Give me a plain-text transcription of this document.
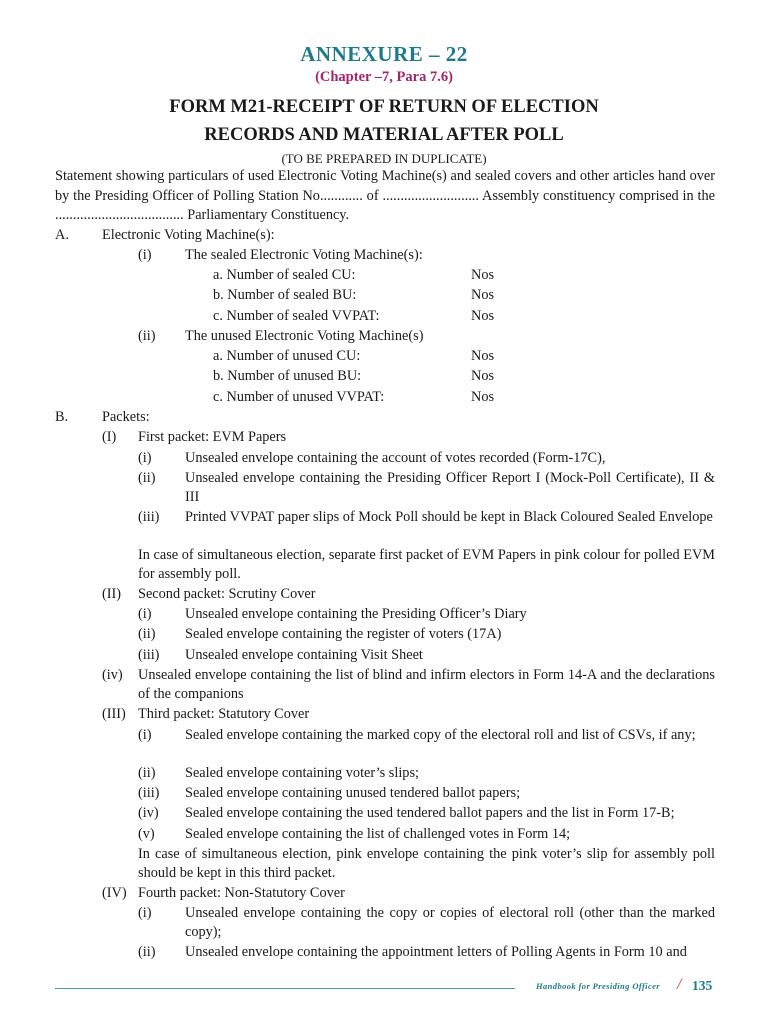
ANNEXURE – 22
(Chapter –7, Para 7.6)
FORM M21-RECEIPT OF RETURN OF ELECTION
RECORDS AND MATERIAL AFTER POLL
(TO BE PREPARED IN DUPLICATE)
Statement showing particulars of used Electronic Voting Machine(s) and sealed covers and other articles hand over by the Presiding Officer of Polling Station No............ of ........................... Assembly constituency comprised in the .................................... Parliamentary Constituency.
A. Electronic Voting Machine(s):
(i) The sealed Electronic Voting Machine(s):
a. Number of sealed CU:	Nos
b. Number of sealed BU:	Nos
c. Number of sealed VVPAT:	Nos
(ii) The unused Electronic Voting Machine(s)
a. Number of unused CU:	Nos
b. Number of unused BU:	Nos
c. Number of unused VVPAT:	Nos
B. Packets:
(I) First packet: EVM Papers
(i) Unsealed envelope containing the account of votes recorded (Form-17C),
(ii) Unsealed envelope containing the Presiding Officer Report I (Mock-Poll Certificate), II & III
(iii) Printed VVPAT paper slips of Mock Poll should be kept in Black Coloured Sealed Envelope
In case of simultaneous election, separate first packet of EVM Papers in pink colour for polled EVM for assembly poll.
(II) Second packet: Scrutiny Cover
(i) Unsealed envelope containing the Presiding Officer’s Diary
(ii) Sealed envelope containing the register of voters (17A)
(iii) Unsealed envelope containing Visit Sheet
(iv) Unsealed envelope containing the list of blind and infirm electors in Form 14-A and the declarations of the companions
(III) Third packet: Statutory Cover
(i) Sealed envelope containing the marked copy of the electoral roll and list of CSVs, if any;
(ii) Sealed envelope containing voter’s slips;
(iii) Sealed envelope containing unused tendered ballot papers;
(iv) Sealed envelope containing the used tendered ballot papers and the list in Form 17-B;
(v) Sealed envelope containing the list of challenged votes in Form 14;
In case of simultaneous election, pink envelope containing the pink voter’s slip for assembly poll should be kept in this third packet.
(IV) Fourth packet: Non-Statutory Cover
(i) Unsealed envelope containing the copy or copies of electoral roll (other than the marked copy);
(ii) Unsealed envelope containing the appointment letters of Polling Agents in Form 10 and
Handbook for Presiding Officer / 135
